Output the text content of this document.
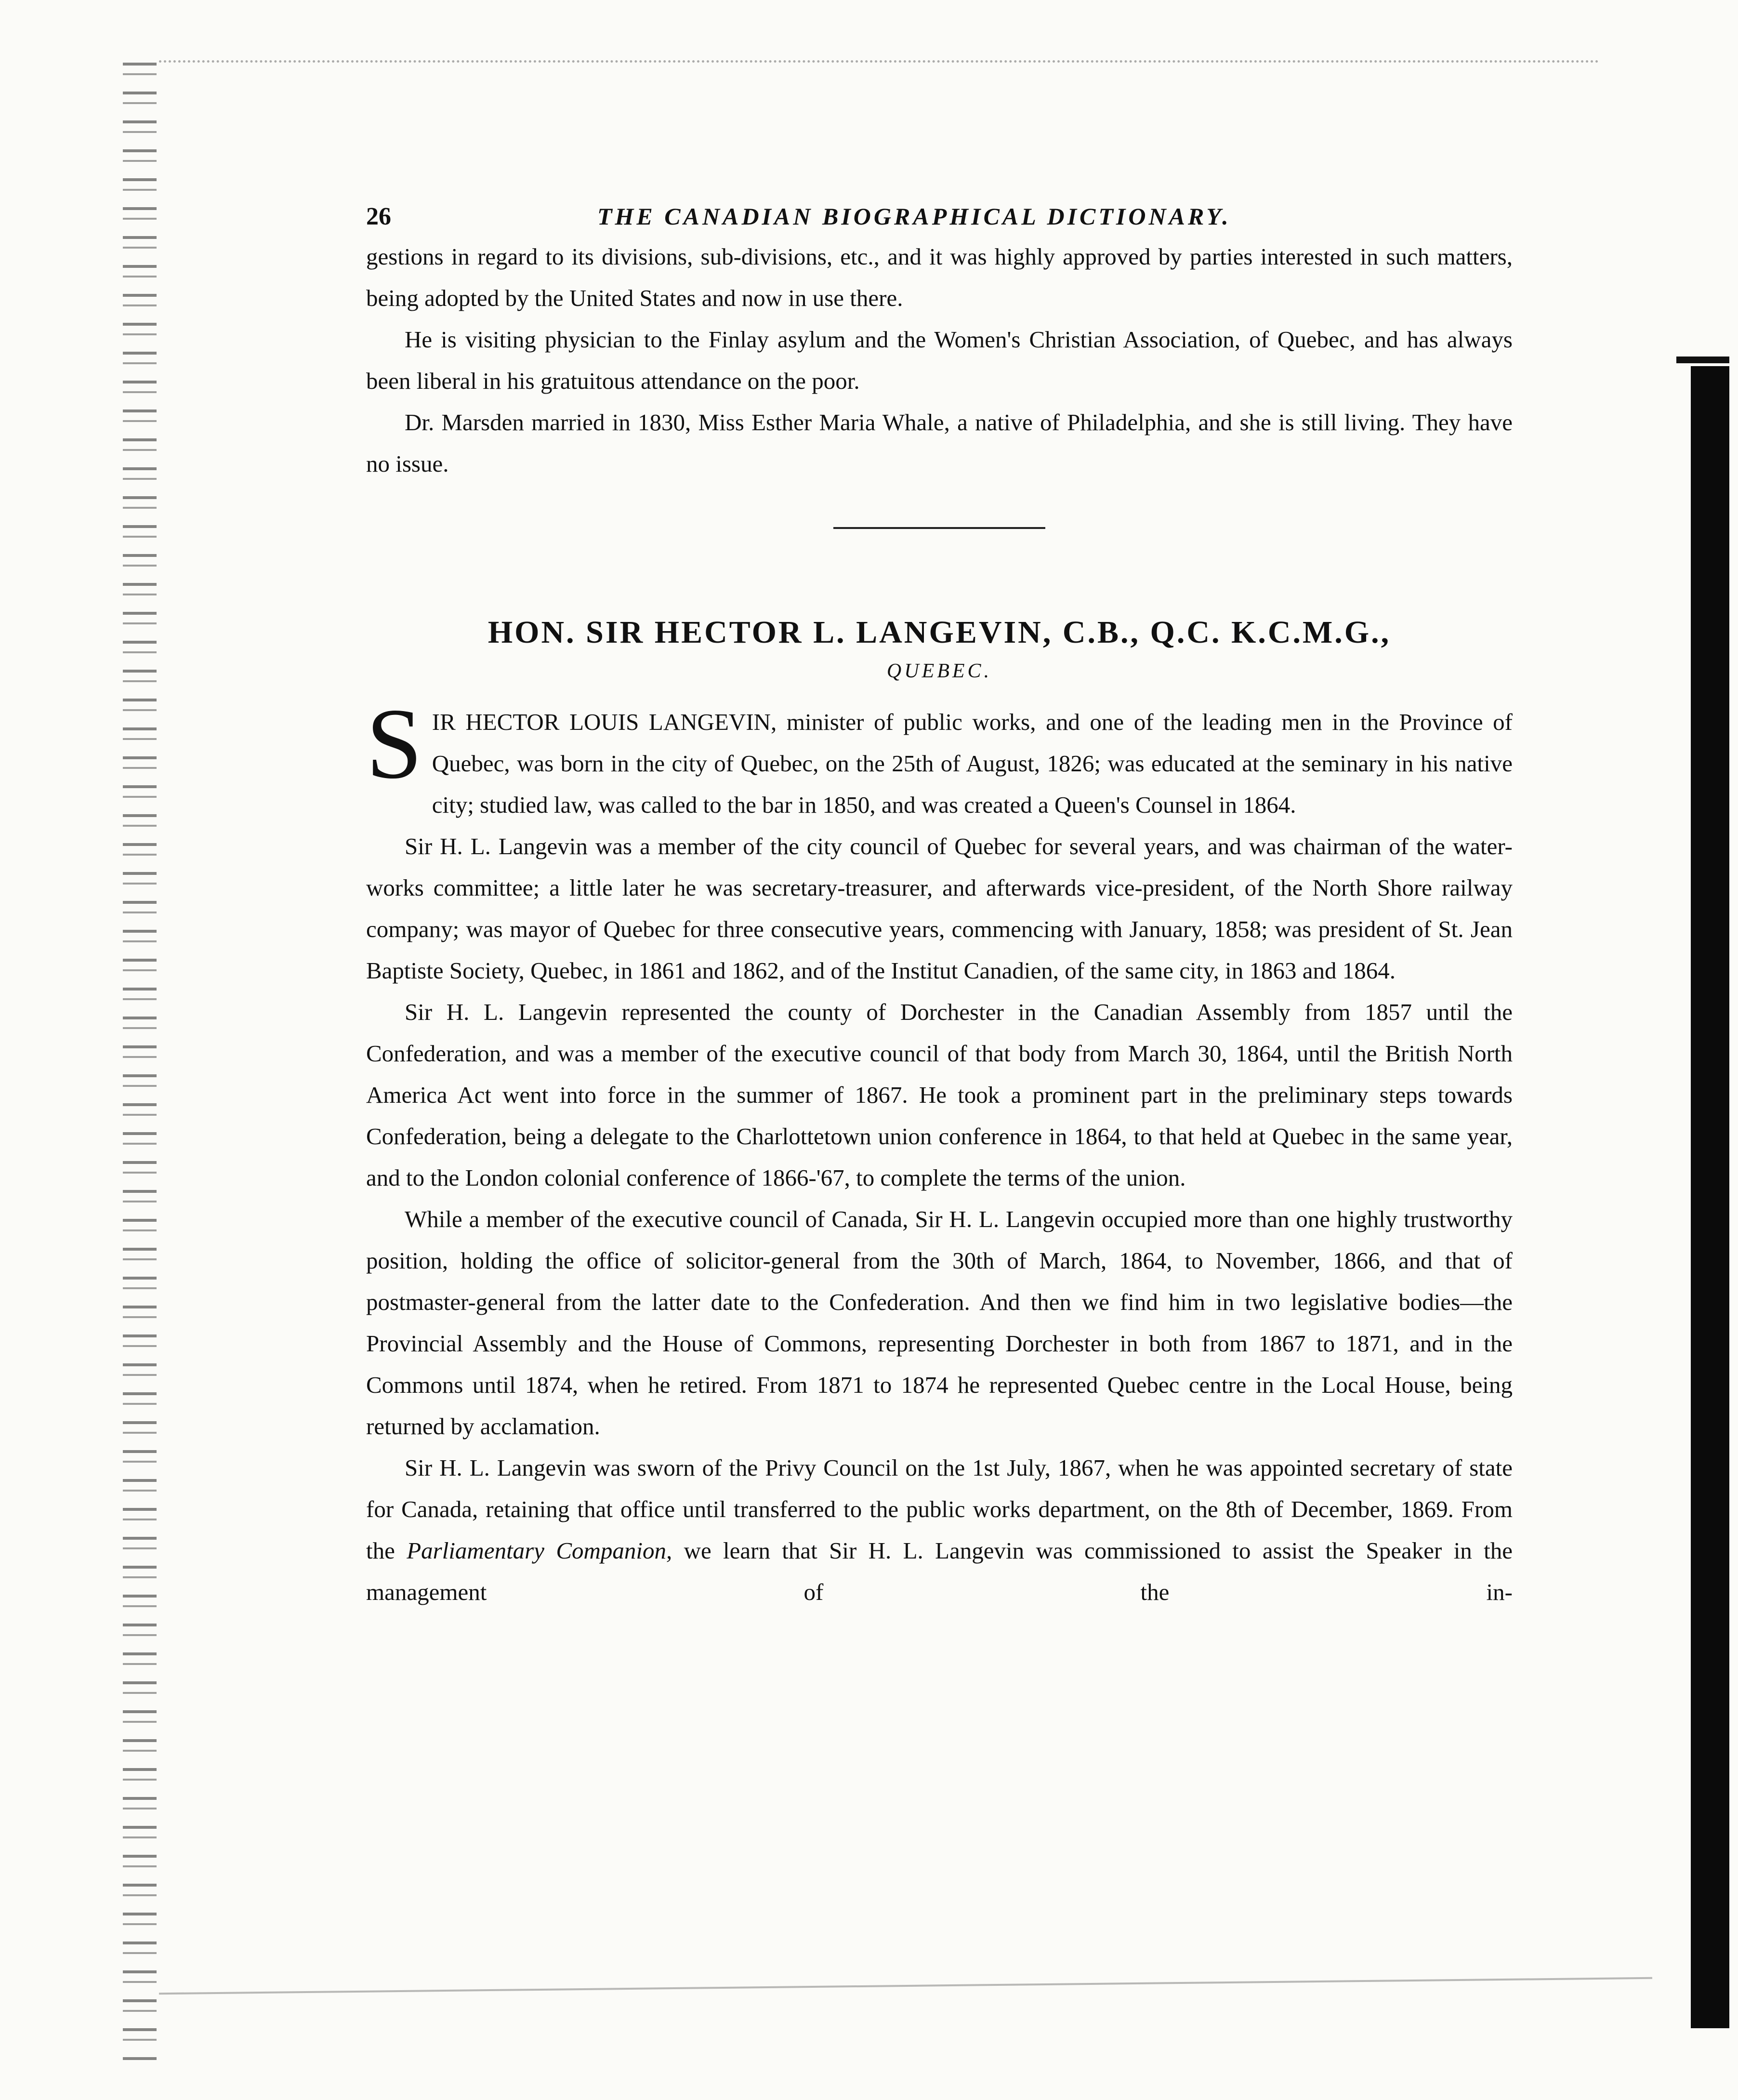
26	THE CANADIAN BIOGRAPHICAL DICTIONARY.

gestions in regard to its divisions, sub-divisions, etc., and it was highly approved by parties interested in such matters, being adopted by the United States and now in use there.

He is visiting physician to the Finlay asylum and the Women's Christian Association, of Quebec, and has always been liberal in his gratuitous attendance on the poor.

Dr. Marsden married in 1830, Miss Esther Maria Whale, a native of Philadelphia, and she is still living. They have no issue.

HON. SIR HECTOR L. LANGEVIN, C.B., Q.C. K.C.M.G.,
QUEBEC.

SIR HECTOR LOUIS LANGEVIN, minister of public works, and one of the leading men in the Province of Quebec, was born in the city of Quebec, on the 25th of August, 1826; was educated at the seminary in his native city; studied law, was called to the bar in 1850, and was created a Queen's Counsel in 1864.

Sir H. L. Langevin was a member of the city council of Quebec for several years, and was chairman of the water-works committee; a little later he was secretary-treasurer, and afterwards vice-president, of the North Shore railway company; was mayor of Quebec for three consecutive years, commencing with January, 1858; was president of St. Jean Baptiste Society, Quebec, in 1861 and 1862, and of the Institut Canadien, of the same city, in 1863 and 1864.

Sir H. L. Langevin represented the county of Dorchester in the Canadian Assembly from 1857 until the Confederation, and was a member of the executive council of that body from March 30, 1864, until the British North America Act went into force in the summer of 1867. He took a prominent part in the preliminary steps towards Confederation, being a delegate to the Charlottetown union conference in 1864, to that held at Quebec in the same year, and to the London colonial conference of 1866-'67, to complete the terms of the union.

While a member of the executive council of Canada, Sir H. L. Langevin occupied more than one highly trustworthy position, holding the office of solicitor-general from the 30th of March, 1864, to November, 1866, and that of postmaster-general from the latter date to the Confederation. And then we find him in two legislative bodies—the Provincial Assembly and the House of Commons, representing Dorchester in both from 1867 to 1871, and in the Commons until 1874, when he retired. From 1871 to 1874 he represented Quebec centre in the Local House, being returned by acclamation.

Sir H. L. Langevin was sworn of the Privy Council on the 1st July, 1867, when he was appointed secretary of state for Canada, retaining that office until transferred to the public works department, on the 8th of December, 1869. From the Parliamentary Companion, we learn that Sir H. L. Langevin was commissioned to assist the Speaker in the management of the in-
